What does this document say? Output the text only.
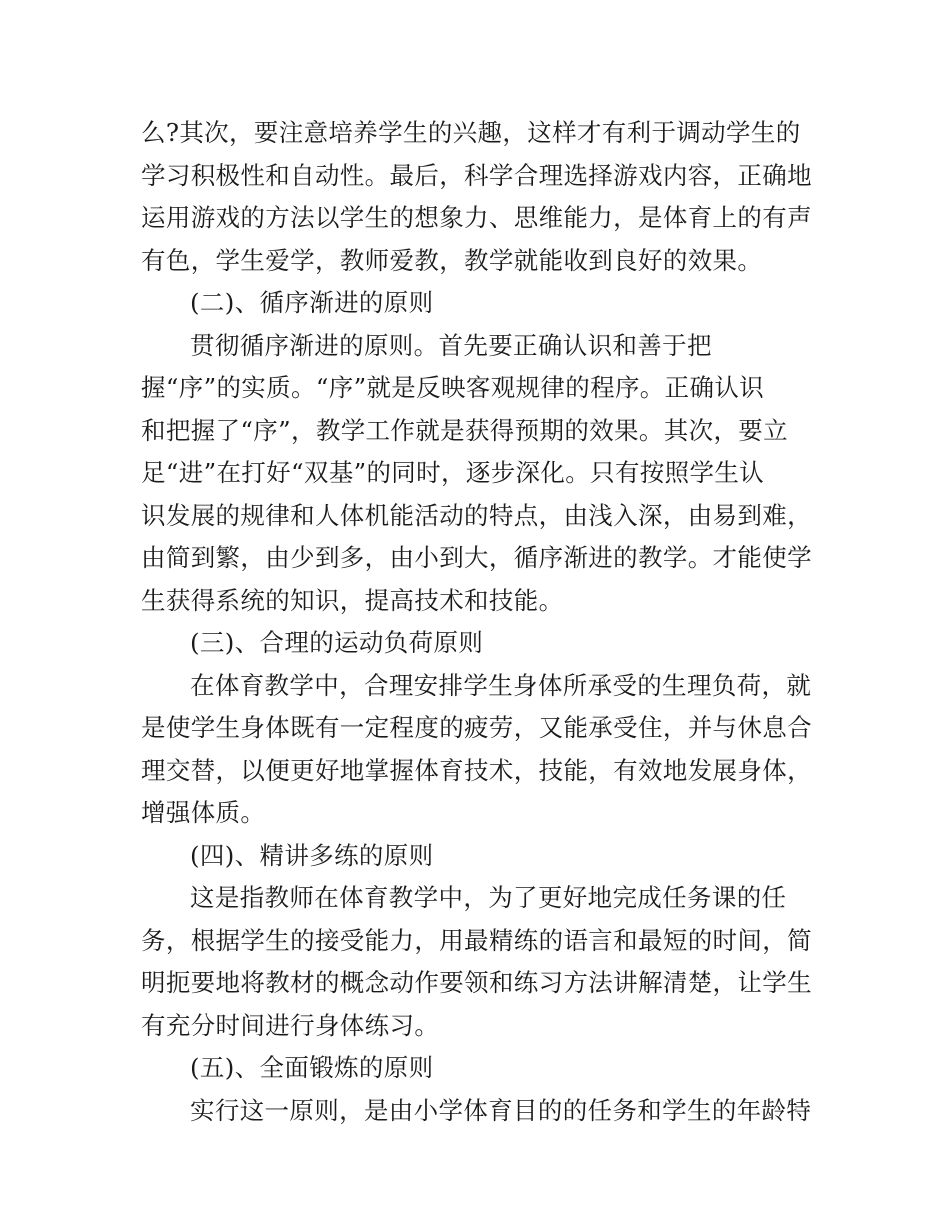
么?其次，要注意培养学生的兴趣，这样才有利于调动学生的
学习积极性和自动性。最后，科学合理选择游戏内容，正确地
运用游戏的方法以学生的想象力、思维能力，是体育上的有声
有色，学生爱学，教师爱教，教学就能收到良好的效果。
(二)、循序渐进的原则
贯彻循序渐进的原则。首先要正确认识和善于把
握“序”的实质。“序”就是反映客观规律的程序。正确认识
和把握了“序”，教学工作就是获得预期的效果。其次，要立
足“进”在打好“双基”的同时，逐步深化。只有按照学生认
识发展的规律和人体机能活动的特点，由浅入深，由易到难，
由简到繁，由少到多，由小到大，循序渐进的教学。才能使学
生获得系统的知识，提高技术和技能。
(三)、合理的运动负荷原则
在体育教学中，合理安排学生身体所承受的生理负荷，就
是使学生身体既有一定程度的疲劳，又能承受住，并与休息合
理交替，以便更好地掌握体育技术，技能，有效地发展身体，
增强体质。
(四)、精讲多练的原则
这是指教师在体育教学中，为了更好地完成任务课的任
务，根据学生的接受能力，用最精练的语言和最短的时间，简
明扼要地将教材的概念动作要领和练习方法讲解清楚，让学生
有充分时间进行身体练习。
(五)、全面锻炼的原则
实行这一原则，是由小学体育目的的任务和学生的年龄特
